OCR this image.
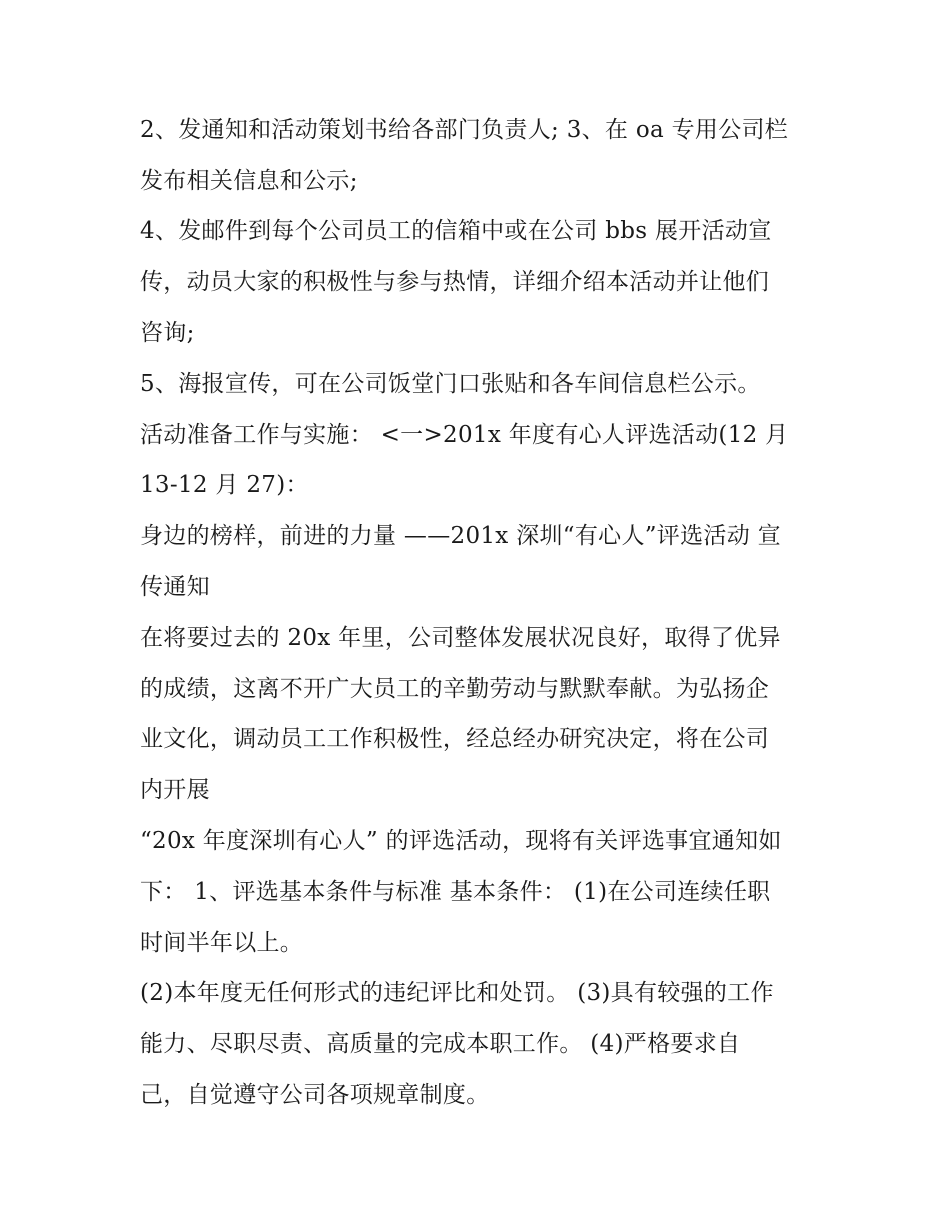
2、发通知和活动策划书给各部门负责人; 3、在 oa 专用公司栏
发布相关信息和公示;
4、发邮件到每个公司员工的信箱中或在公司 bbs 展开活动宣
传，动员大家的积极性与参与热情，详细介绍本活动并让他们
咨询;
5、海报宣传，可在公司饭堂门口张贴和各车间信息栏公示。
活动准备工作与实施： <一>201x 年度有心人评选活动(12 月
13-12 月 27)：
身边的榜样，前进的力量 ——201x 深圳“有心人”评选活动 宣
传通知
在将要过去的 20x 年里，公司整体发展状况良好，取得了优异
的成绩，这离不开广大员工的辛勤劳动与默默奉献。为弘扬企
业文化，调动员工工作积极性，经总经办研究决定，将在公司
内开展
“20x 年度深圳有心人” 的评选活动，现将有关评选事宜通知如
下： 1、评选基本条件与标准 基本条件： (1)在公司连续任职
时间半年以上。
(2)本年度无任何形式的违纪评比和处罚。 (3)具有较强的工作
能力、尽职尽责、高质量的完成本职工作。 (4)严格要求自
己，自觉遵守公司各项规章制度。
